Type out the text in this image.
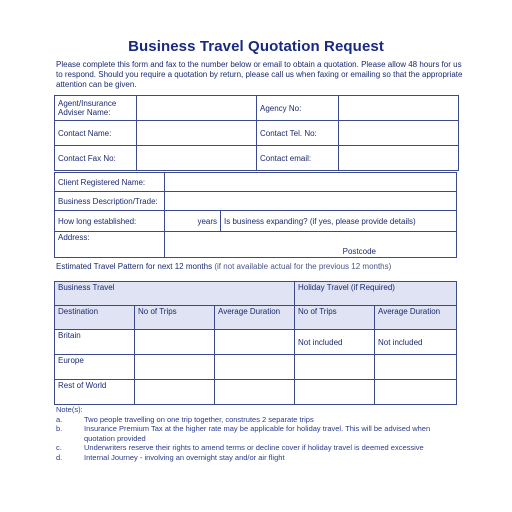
Business Travel Quotation Request
Please complete this form and fax to the number below or email to obtain a quotation. Please allow 48 hours for us to respond. Should you require a quotation by return, please call us when faxing or emailing so that the appropriate attention can be given.
Agent/Insurance Adviser Name:		Agency No:	
Contact Name:		Contact Tel. No:	
Contact Fax No:		Contact email:	
Client Registered Name:		
Business Description/Trade:		
How long established:	years	Is business expanding? (if yes, please provide details)
Address:	Postcode	
Estimated Travel Pattern for next 12 months (if not available actual for the previous 12 months)
Business Travel			Holiday Travel (if Required)	
Destination	No of Trips	Average Duration	No of Trips	Average Duration
Britain			Not included	Not included
Europe				
Rest of World				
Note(s):
a.	Two people travelling on one trip together, construtes 2 separate trips
b.	Insurance Premium Tax at the higher rate may be applicable for holiday travel. This will be advised when quotation provided
c.	Underwriters reserve their rights to amend terms or decline cover if holiday travel is deemed excessive
d.	Internal Journey - involving an overnight stay and/or air flight
